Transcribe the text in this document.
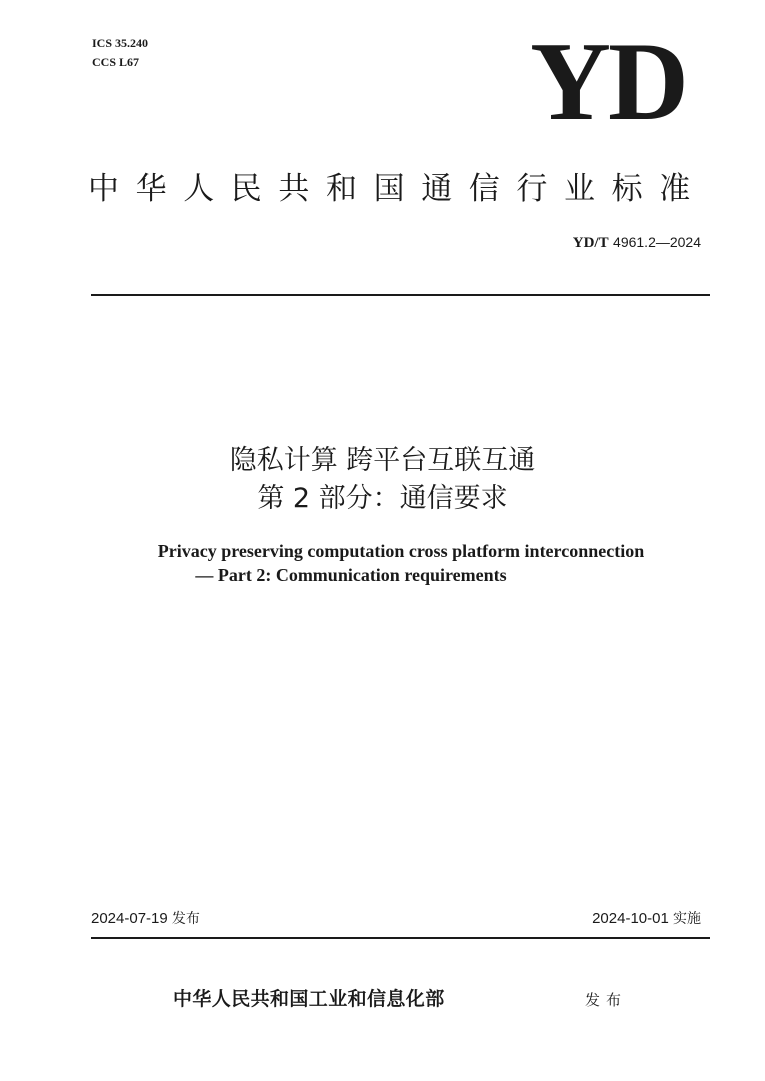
ICS 35.240
CCS L67	YD
中华人民共和国通信行业标准
YD/T 4961.2—2024
隐私计算 跨平台互联互通
第 2 部分：通信要求
Privacy preserving computation cross platform interconnection
— Part 2: Communication requirements
2024-07-19 发布	2024-10-01 实施
中华人民共和国工业和信息化部	发布
